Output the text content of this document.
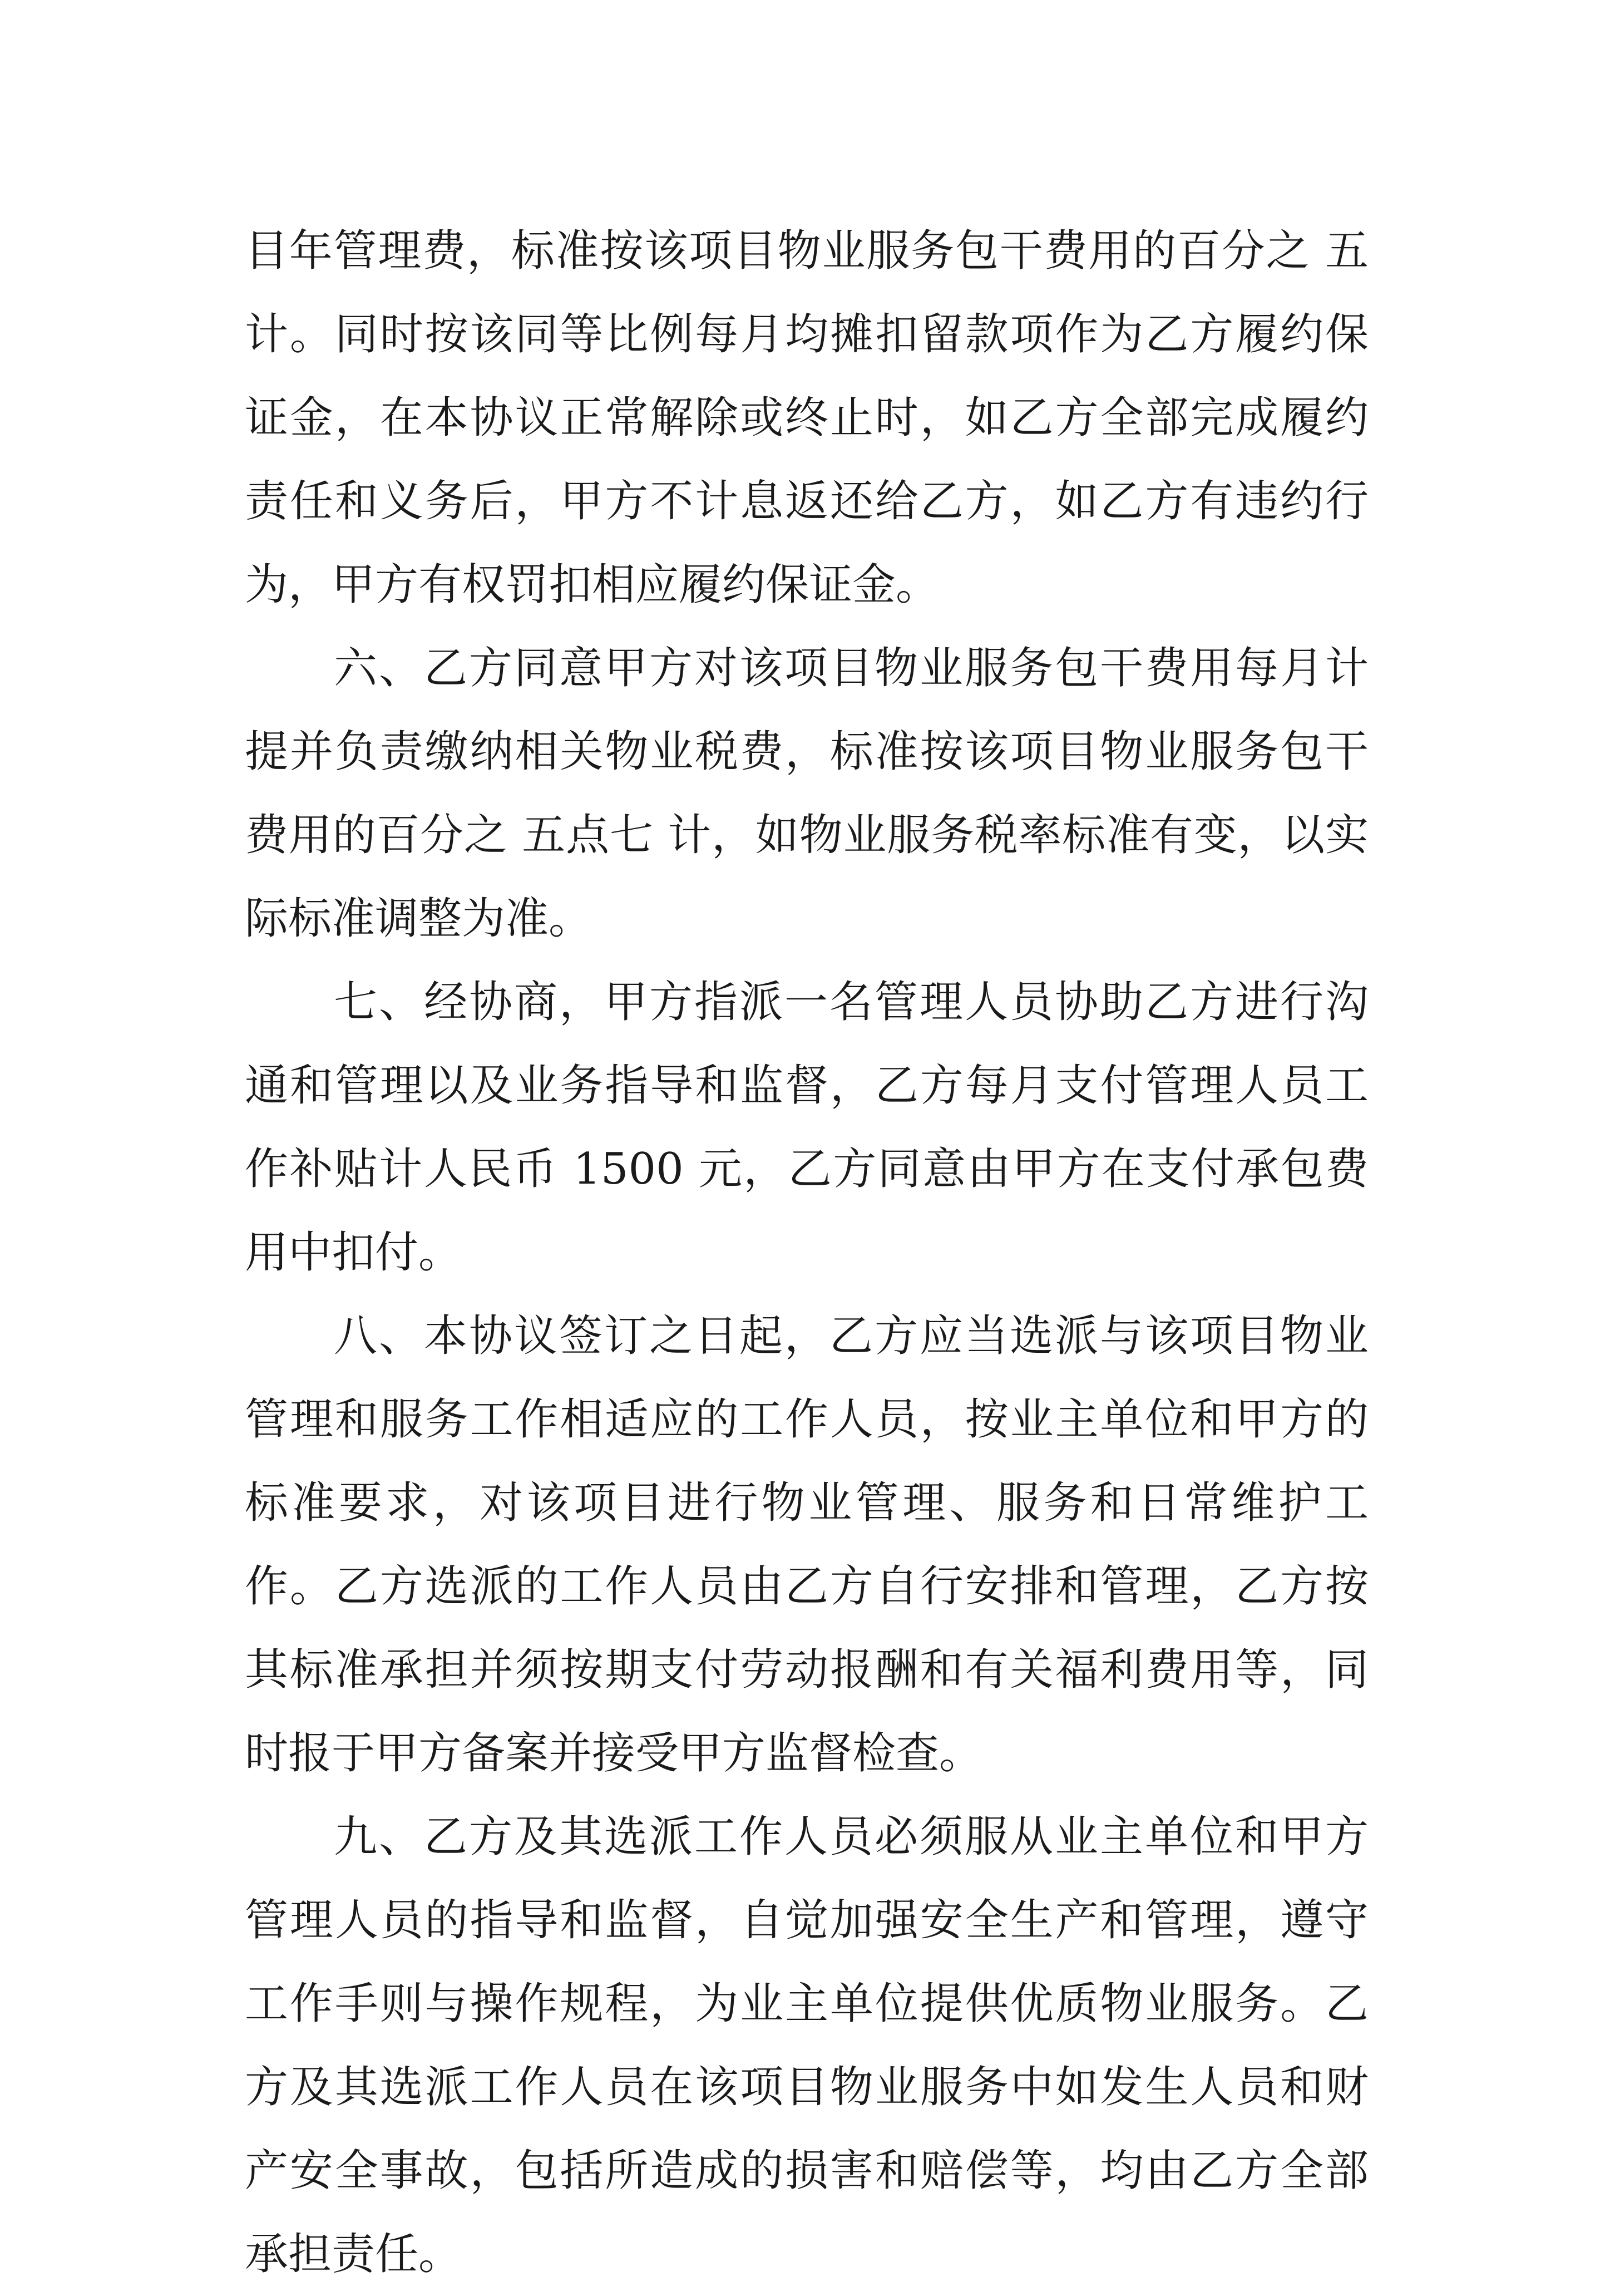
目年管理费，标准按该项目物业服务包干费用的百分之 五 计。同时按该同等比例每月均摊扣留款项作为乙方履约保证金，在本协议正常解除或终止时，如乙方全部完成履约责任和义务后，甲方不计息返还给乙方，如乙方有违约行为，甲方有权罚扣相应履约保证金。

六、乙方同意甲方对该项目物业服务包干费用每月计提并负责缴纳相关物业税费，标准按该项目物业服务包干费用的百分之 五点七 计，如物业服务税率标准有变，以实际标准调整为准。

七、经协商，甲方指派一名管理人员协助乙方进行沟通和管理以及业务指导和监督，乙方每月支付管理人员工作补贴计人民币 1500 元，乙方同意由甲方在支付承包费用中扣付。

八、本协议签订之日起，乙方应当选派与该项目物业管理和服务工作相适应的工作人员，按业主单位和甲方的标准要求，对该项目进行物业管理、服务和日常维护工作。乙方选派的工作人员由乙方自行安排和管理，乙方按其标准承担并须按期支付劳动报酬和有关福利费用等，同时报于甲方备案并接受甲方监督检查。

九、乙方及其选派工作人员必须服从业主单位和甲方管理人员的指导和监督，自觉加强安全生产和管理，遵守工作手则与操作规程，为业主单位提供优质物业服务。乙方及其选派工作人员在该项目物业服务中如发生人员和财产安全事故，包括所造成的损害和赔偿等，均由乙方全部承担责任。
